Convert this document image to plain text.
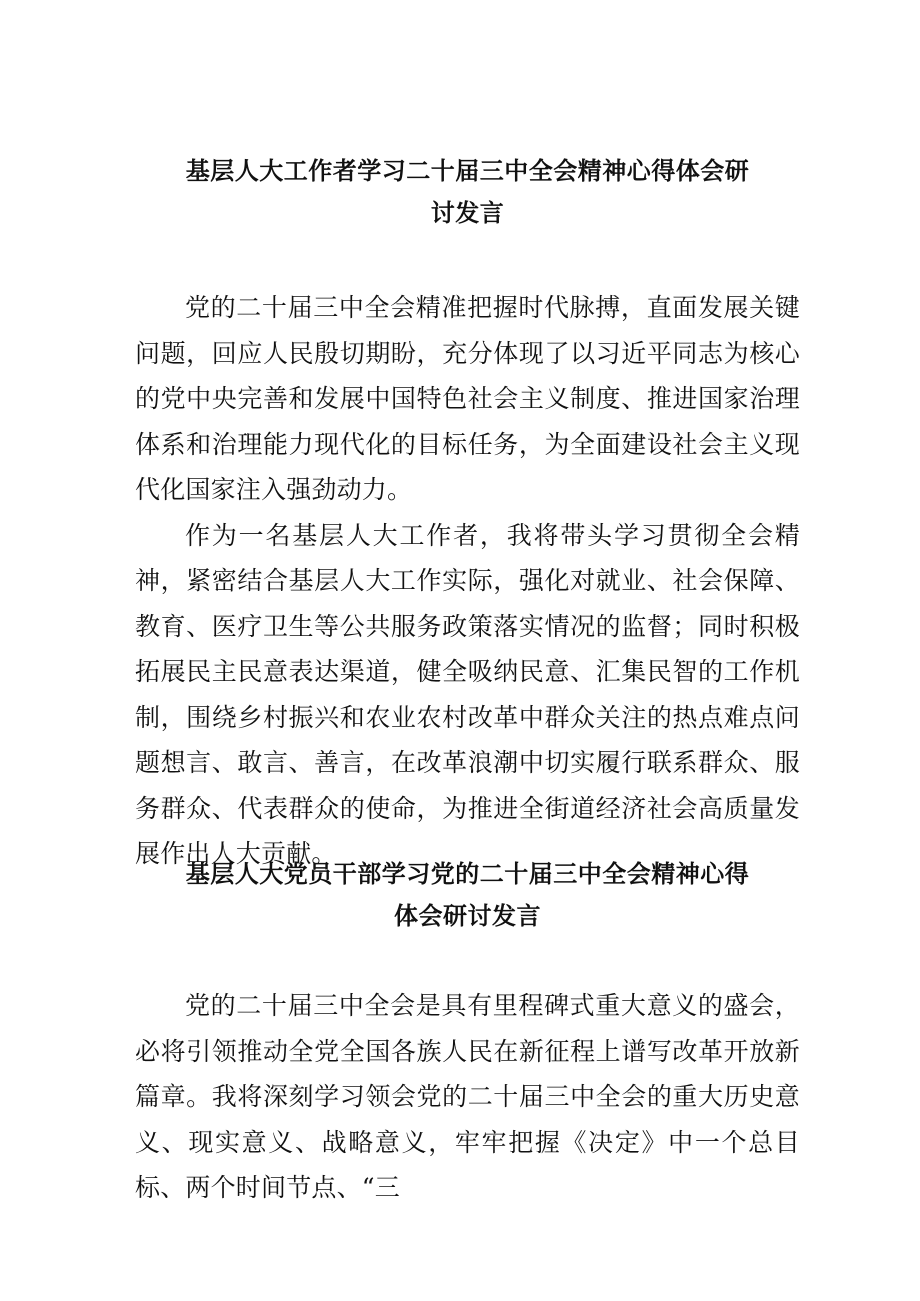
基层人大工作者学习二十届三中全会精神心得体会研
讨发言

党的二十届三中全会精准把握时代脉搏，直面发展关键问题，回应人民殷切期盼，充分体现了以习近平同志为核心的党中央完善和发展中国特色社会主义制度、推进国家治理体系和治理能力现代化的目标任务，为全面建设社会主义现代化国家注入强劲动力。

作为一名基层人大工作者，我将带头学习贯彻全会精神，紧密结合基层人大工作实际，强化对就业、社会保障、教育、医疗卫生等公共服务政策落实情况的监督；同时积极拓展民主民意表达渠道，健全吸纳民意、汇集民智的工作机制，围绕乡村振兴和农业农村改革中群众关注的热点难点问题想言、敢言、善言，在改革浪潮中切实履行联系群众、服务群众、代表群众的使命，为推进全街道经济社会高质量发展作出人大贡献。

基层人大党员干部学习党的二十届三中全会精神心得
体会研讨发言

党的二十届三中全会是具有里程碑式重大意义的盛会，必将引领推动全党全国各族人民在新征程上谱写改革开放新篇章。我将深刻学习领会党的二十届三中全会的重大历史意义、现实意义、战略意义，牢牢把握《决定》中一个总目标、两个时间节点、“三
